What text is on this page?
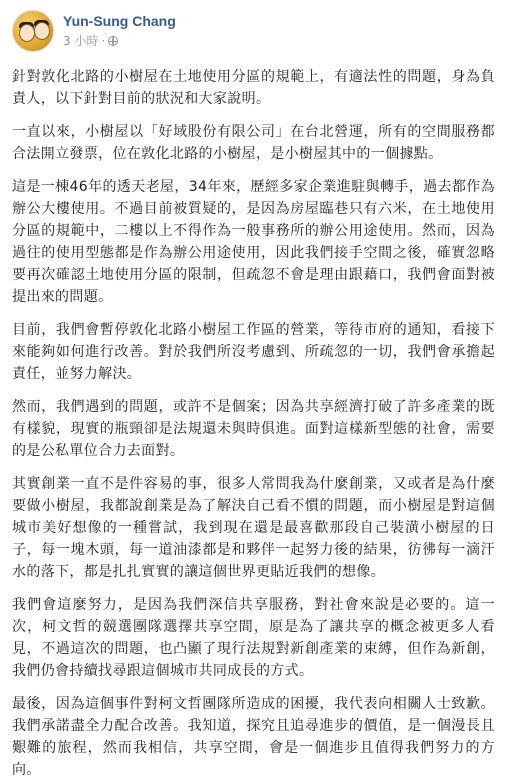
Yun-Sung Chang
3 小時 ·

針對敦化北路的小樹屋在土地使用分區的規範上，有適法性的問題，身為負責人，以下針對目前的狀況和大家說明。

一直以來，小樹屋以「好域股份有限公司」在台北營運，所有的空間服務都合法開立發票，位在敦化北路的小樹屋，是小樹屋其中的一個據點。

這是一棟46年的透天老屋，34年來，歷經多家企業進駐與轉手，過去都作為辦公大樓使用。不過目前被質疑的，是因為房屋臨巷只有六米，在土地使用分區的規範中，二樓以上不得作為一般事務所的辦公用途使用。然而，因為過往的使用型態都是作為辦公用途使用，因此我們接手空間之後，確實忽略要再次確認土地使用分區的限制，但疏忽不會是理由跟藉口，我們會面對被提出來的問題。

目前，我們會暫停敦化北路小樹屋工作區的營業，等待市府的通知，看接下來能夠如何進行改善。對於我們所沒考慮到、所疏忽的一切，我們會承擔起責任，並努力解決。

然而，我們遇到的問題，或許不是個案；因為共享經濟打破了許多產業的既有樣貌，現實的瓶頸卻是法規還未與時俱進。面對這樣新型態的社會，需要的是公私單位合力去面對。

其實創業一直不是件容易的事，很多人常問我為什麼創業，又或者是為什麼要做小樹屋，我都說創業是為了解決自己看不慣的問題，而小樹屋是對這個城市美好想像的一種嘗試，我到現在還是最喜歡那段自己裝潢小樹屋的日子，每一塊木頭，每一道油漆都是和夥伴一起努力後的結果，彷彿每一滴汗水的落下，都是扎扎實實的讓這個世界更貼近我們的想像。

我們會這麼努力，是因為我們深信共享服務，對社會來說是必要的。這一次，柯文哲的競選團隊選擇共享空間，原是為了讓共享的概念被更多人看見，不過這次的問題，也凸顯了現行法規對新創產業的束縛，但作為新創，我們仍會持續找尋跟這個城市共同成長的方式。

最後，因為這個事件對柯文哲團隊所造成的困擾，我代表向相關人士致歉。我們承諾盡全力配合改善。我知道，探究且追尋進步的價值，是一個漫長且艱難的旅程，然而我相信，共享空間，會是一個進步且值得我們努力的方向。
